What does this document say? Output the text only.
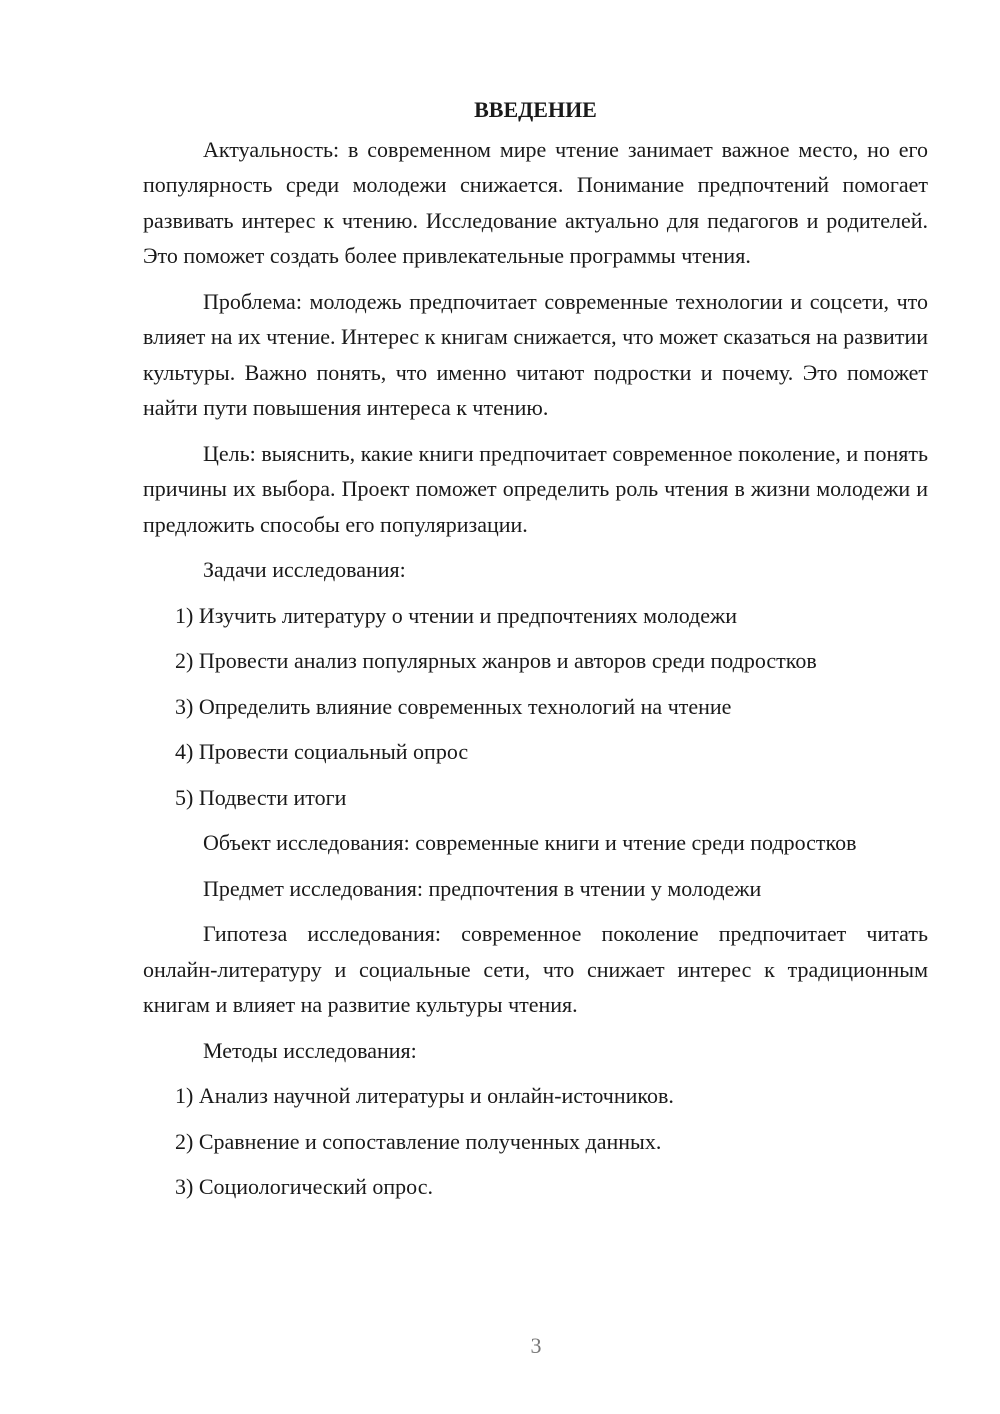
ВВЕДЕНИЕ

Актуальность: в современном мире чтение занимает важное место, но его популярность среди молодежи снижается. Понимание предпочтений помогает развивать интерес к чтению. Исследование актуально для педагогов и родителей. Это поможет создать более привлекательные программы чтения.

Проблема: молодежь предпочитает современные технологии и соцсети, что влияет на их чтение. Интерес к книгам снижается, что может сказаться на развитии культуры. Важно понять, что именно читают подростки и почему. Это поможет найти пути повышения интереса к чтению.

Цель: выяснить, какие книги предпочитает современное поколение, и понять причины их выбора. Проект поможет определить роль чтения в жизни молодежи и предложить способы его популяризации.

Задачи исследования:

1) Изучить литературу о чтении и предпочтениях молодежи
2) Провести анализ популярных жанров и авторов среди подростков
3) Определить влияние современных технологий на чтение
4) Провести социальный опрос
5) Подвести итоги

Объект исследования: современные книги и чтение среди подростков

Предмет исследования: предпочтения в чтении у молодежи

Гипотеза исследования: современное поколение предпочитает читать онлайн-литературу и социальные сети, что снижает интерес к традиционным книгам и влияет на развитие культуры чтения.

Методы исследования:

1) Анализ научной литературы и онлайн-источников.
2) Сравнение и сопоставление полученных данных.
3) Социологический опрос.
3
